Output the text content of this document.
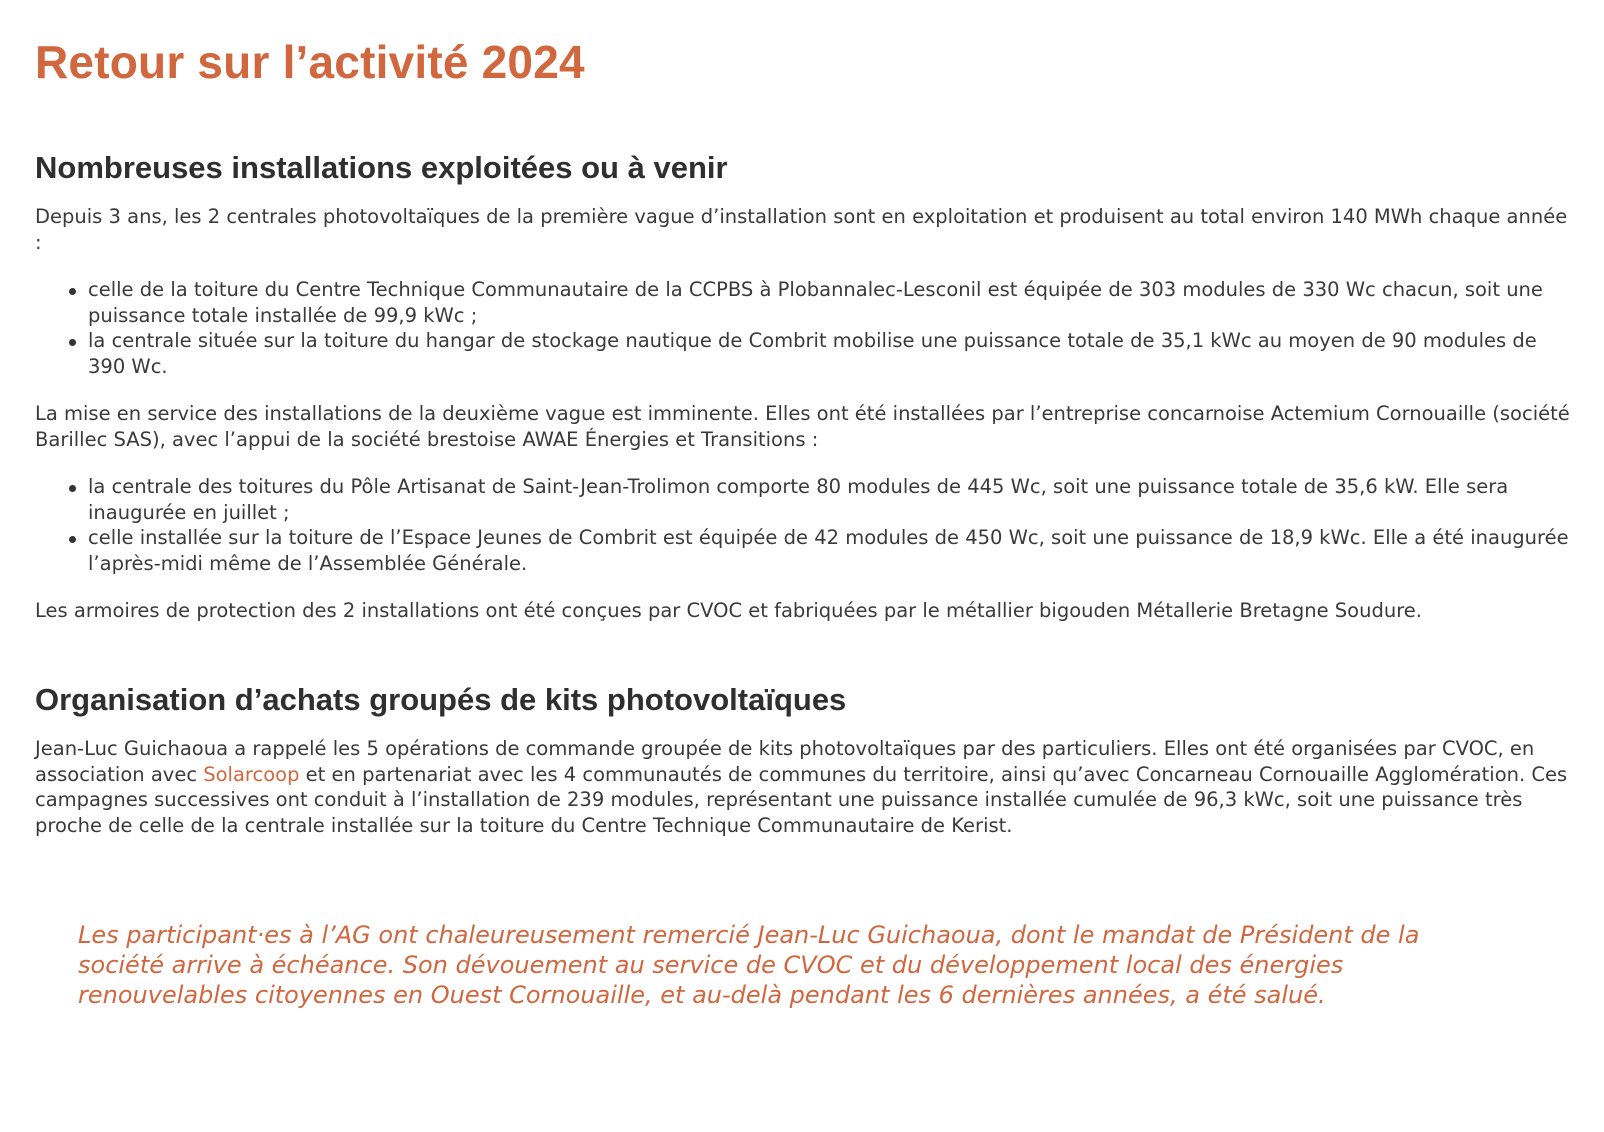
Retour sur l’activité 2024
Nombreuses installations exploitées ou à venir

Depuis 3 ans, les 2 centrales photovoltaïques de la première vague d’installation sont en exploitation et produisent au total environ 140 MWh chaque année :

celle de la toiture du Centre Technique Communautaire de la CCPBS à Plobannalec-Lesconil est équipée de 303 modules de 330 Wc chacun, soit une puissance totale installée de 99,9 kWc ;
la centrale située sur la toiture du hangar de stockage nautique de Combrit mobilise une puissance totale de 35,1 kWc au moyen de 90 modules de 390 Wc.

La mise en service des installations de la deuxième vague est imminente. Elles ont été installées par l’entreprise concarnoise Actemium Cornouaille (société Barillec SAS), avec l’appui de la société brestoise AWAE Énergies et Transitions :

la centrale des toitures du Pôle Artisanat de Saint-Jean-Trolimon comporte 80 modules de 445 Wc, soit une puissance totale de 35,6 kW. Elle sera inaugurée en juillet ;
celle installée sur la toiture de l’Espace Jeunes de Combrit est équipée de 42 modules de 450 Wc, soit une puissance de 18,9 kWc. Elle a été inaugurée l’après-midi même de l’Assemblée Générale.

Les armoires de protection des 2 installations ont été conçues par CVOC et fabriquées par le métallier bigouden Métallerie Bretagne Soudure.

Organisation d’achats groupés de kits photovoltaïques

Jean-Luc Guichaoua a rappelé les 5 opérations de commande groupée de kits photovoltaïques par des particuliers. Elles ont été organisées par CVOC, en association avec Solarcoop et en partenariat avec les 4 communautés de communes du territoire, ainsi qu’avec Concarneau Cornouaille Agglomération. Ces campagnes successives ont conduit à l’installation de 239 modules, représentant une puissance installée cumulée de 96,3 kWc, soit une puissance très proche de celle de la centrale installée sur la toiture du Centre Technique Communautaire de Kerist.

Les participant·es à l’AG ont chaleureusement remercié Jean-Luc Guichaoua, dont le mandat de Président de la société arrive à échéance. Son dévouement au service de CVOC et du développement local des énergies renouvelables citoyennes en Ouest Cornouaille, et au-delà pendant les 6 dernières années, a été salué.
